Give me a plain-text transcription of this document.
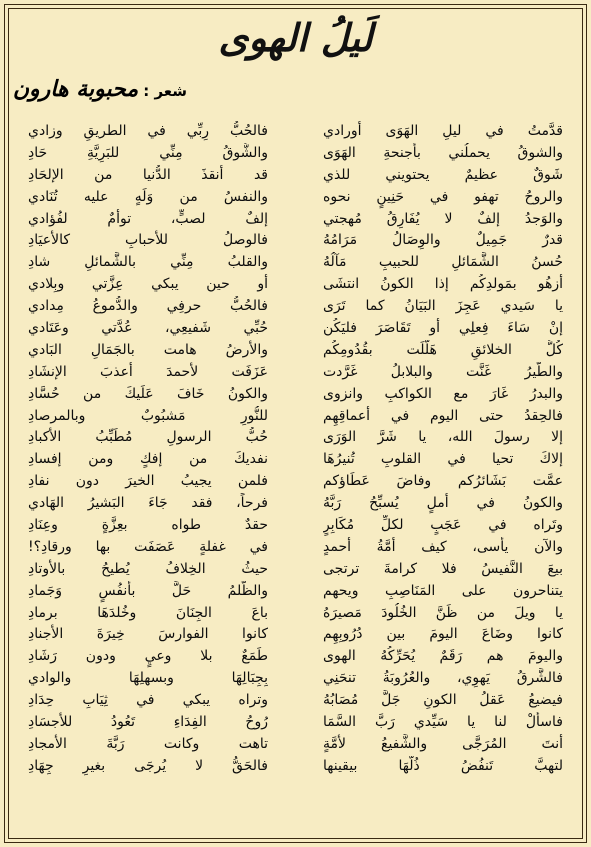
لَيلُ الهوى
شعر : محبوبة هارون
قدَّمتُ في ليلِ الهَوَى أورادي
فالحُبُّ رِبِّي في الطريقِ وزادي
والشوقُ يحملُني بأجنحةِ الهَوَى
والشُّوقُ مِنِّي للبَرِيَّةِ حَادِ
شَوقٌ عظيمٌ يحتويني للذي
قد أنقذَ الدُّنيا من الإلحَادِ
والروحُ تهفو في حَنِينٍ نحوه
والنفسُ من وَلَهٍ عليه تُنَادي
والوَجدُ إلفٌ لا يُفَارِقُ مُهجتي
إلفٌ لصبٍّ، توأمٌ لفُؤادي
قدرٌ جَمِيلٌ والوِصَالُ مَرَامُهُ
فالوصلُ للأحبابِ كالأعيَادِ
حُسنُ الشَّمَائلِ للحبيبِ مَآلُهُ
والقلبُ مِنِّي بالشَّمائلِ شادِ
أزهُو بمَولدِكُم إذا الكونُ انتشَى
أو حين يبكي عِزَّتي وبِلادي
يا سَيدي عَجِزَ البَيَانُ كما تَرَى
فالحُبُّ حرفِي والدُّموعُ مِدادي
إنْ سَاءَ فِعلِي أو تَقَاصَرَ فليَكُن
حُبِّي شَفيعِي، عُدَّتي وعَتَادي
كُلُّ الخلائقِ هَلَّلَت بقُدُومِكُم
والأرضُ هامت بالجَمَالِ البَادي
والطَّيرُ غَنَّت والبلابلُ غَرَّدت
عَزَفَت لأحمدَ أعذبَ الإنشَادِ
والبدرُ غَارَ مع الكواكبِ وانزوى
والكونُ خَافَ عَلَيكَ من حُسَّادِ
فالحِقدُ حتى اليوم في أعماقِهِم
للنُّورِ مَشبُوبٌ وبالمرصادِ
إلا رسولَ الله، يا شَرَّ الوَرَى
حُبُّ الرسولِ مُطَبِّبُ الأكبادِ
إلاكَ تحيا في القلوبِ تُنيرُهَا
نفديكَ من إفكٍ ومن إفسادِ
عمَّت بَشَائرُكم وفاضَ عَطَاؤكم
فلمن يجيبُ الخيرَ دون نفادِ
والكونُ في أملٍ يُسبِّحُ رَبَّهُ
فرحاً، فقد جَاءَ البَشيرُ الهَادي
وتَراه في عَجَبٍ لكلِّ مُكَابِرٍ
حقدٌ طواه بعِزَّةٍ وعِنَادِ
والآن يأسى، كيف أمَّةُ أحمدٍ
في غفلةٍ عَصَفَت بها ورقادِ؟!
بيعَ النَّفيسُ فلا كرامةَ ترتجى
حيثُ الخِلافُ يُطيحُ بالأوتادِ
يتناحرون على المَنَاصِبِ ويحهم
والظُّلمُ حَلَّ بأنفُسٍ وَجَمادِ
يا ويلَ من ظَنَّ الخُلُودَ مَصيرَهُ
باعَ الجِنَانَ وخُلدَهَا برمادِ
كانوا وضَاعَ اليومَ بين دُرُوبِهِم
كانوا الفوارسَ خِيرَةَ الأجنادِ
واليومَ هم رَقَمٌ يُحَرِّكُهُ الهوى
طَمَعٌ بلا وعيٍ ودون رَشَادِ
فالشَّرقُ يَهوِي، والعُرُوبَةُ تنحَنِي
بِجِبَالِهَا وبسهلِهَا والوادي
فيضيعُ عَقلُ الكونِ جَلَّ مُصَابُهُ
وتراه يبكي في ثِيَابِ حِدَادِ
فاسألْ لنا يا سَيِّدي رَبَّ السَّمَا
رُوحُ الفِدَاءِ تَعُودُ للأجسَادِ
أنتَ المُرَجَّى والشَّفيعُ لأمَّةٍ
تاهت وكانت رَبَّةَ الأمجادِ
لتهبَّ تَنفُضُ ذُلَّهَا بيقينها
فالحَقُّ لا يُرجَى بغيرِ جِهَادِ
